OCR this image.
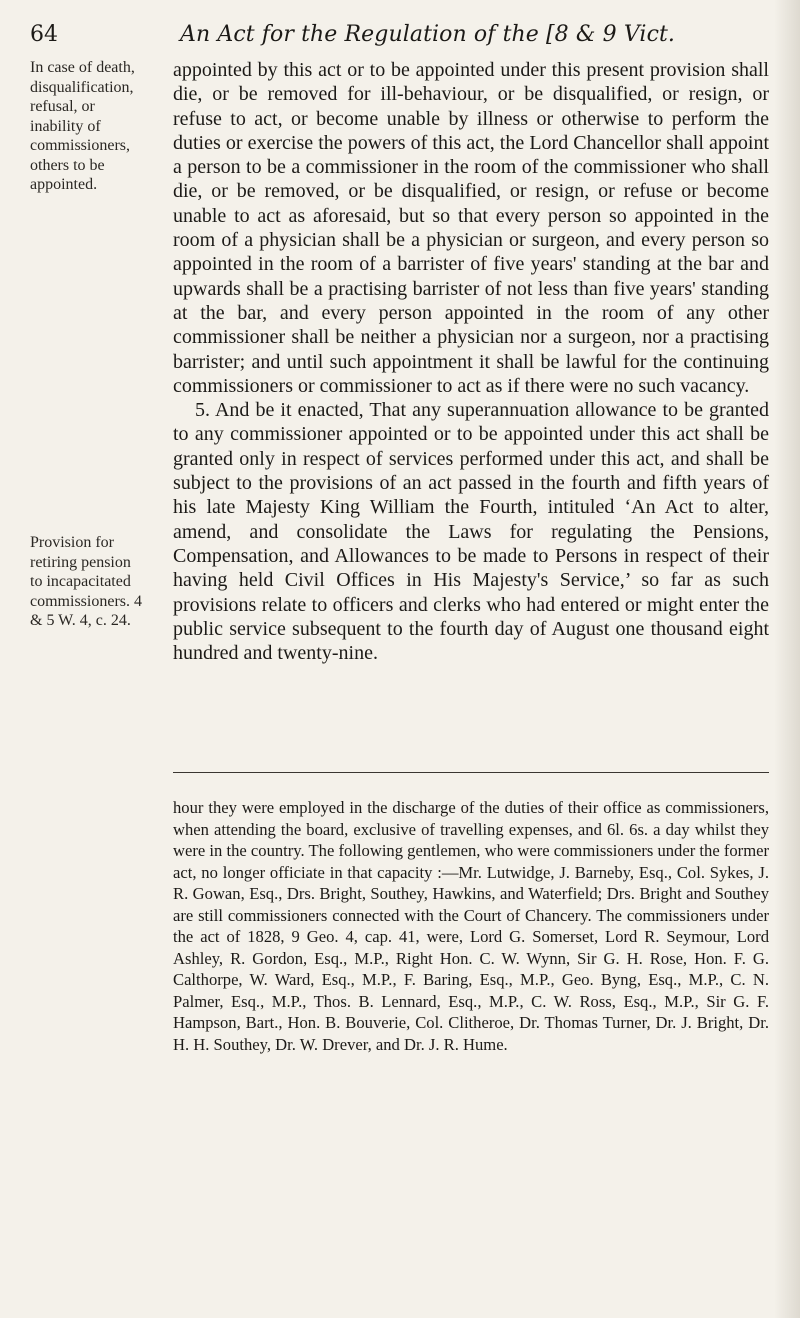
64	An Act for the Regulation of the [8 & 9 Vict.
In case of death, disqualification, refusal, or inability of commissioners, others to be appointed.
Provision for retiring pension to incapacitated commissioners. 4 & 5 W. 4, c. 24.

appointed by this act or to be appointed under this present provision shall die, or be removed for ill-behaviour, or be disqualified, or resign, or refuse to act, or become unable by illness or otherwise to perform the duties or exercise the powers of this act, the Lord Chancellor shall appoint a person to be a commissioner in the room of the commissioner who shall die, or be removed, or be disqualified, or resign, or refuse or become unable to act as aforesaid, but so that every person so appointed in the room of a physician shall be a physician or surgeon, and every person so appointed in the room of a barrister of five years' standing at the bar and upwards shall be a practising barrister of not less than five years' standing at the bar, and every person appointed in the room of any other commissioner shall be neither a physician nor a surgeon, nor a practising barrister; and until such appointment it shall be lawful for the continuing commissioners or commissioner to act as if there were no such vacancy.

5. And be it enacted, That any superannuation allowance to be granted to any commissioner appointed or to be appointed under this act shall be granted only in respect of services performed under this act, and shall be subject to the provisions of an act passed in the fourth and fifth years of his late Majesty King William the Fourth, intituled ‘An Act to alter, amend, and consolidate the Laws for regulating the Pensions, Compensation, and Allowances to be made to Persons in respect of their having held Civil Offices in His Majesty's Service,’ so far as such provisions relate to officers and clerks who had entered or might enter the public service subsequent to the fourth day of August one thousand eight hundred and twenty-nine.

hour they were employed in the discharge of the duties of their office as commissioners, when attending the board, exclusive of travelling expenses, and 6l. 6s. a day whilst they were in the country. The following gentlemen, who were commissioners under the former act, no longer officiate in that capacity :—Mr. Lutwidge, J. Barneby, Esq., Col. Sykes, J. R. Gowan, Esq., Drs. Bright, Southey, Hawkins, and Waterfield; Drs. Bright and Southey are still commissioners connected with the Court of Chancery. The commissioners under the act of 1828, 9 Geo. 4, cap. 41, were, Lord G. Somerset, Lord R. Seymour, Lord Ashley, R. Gordon, Esq., M.P., Right Hon. C. W. Wynn, Sir G. H. Rose, Hon. F. G. Calthorpe, W. Ward, Esq., M.P., F. Baring, Esq., M.P., Geo. Byng, Esq., M.P., C. N. Palmer, Esq., M.P., Thos. B. Lennard, Esq., M.P., C. W. Ross, Esq., M.P., Sir G. F. Hampson, Bart., Hon. B. Bouverie, Col. Clitheroe, Dr. Thomas Turner, Dr. J. Bright, Dr. H. H. Southey, Dr. W. Drever, and Dr. J. R. Hume.
